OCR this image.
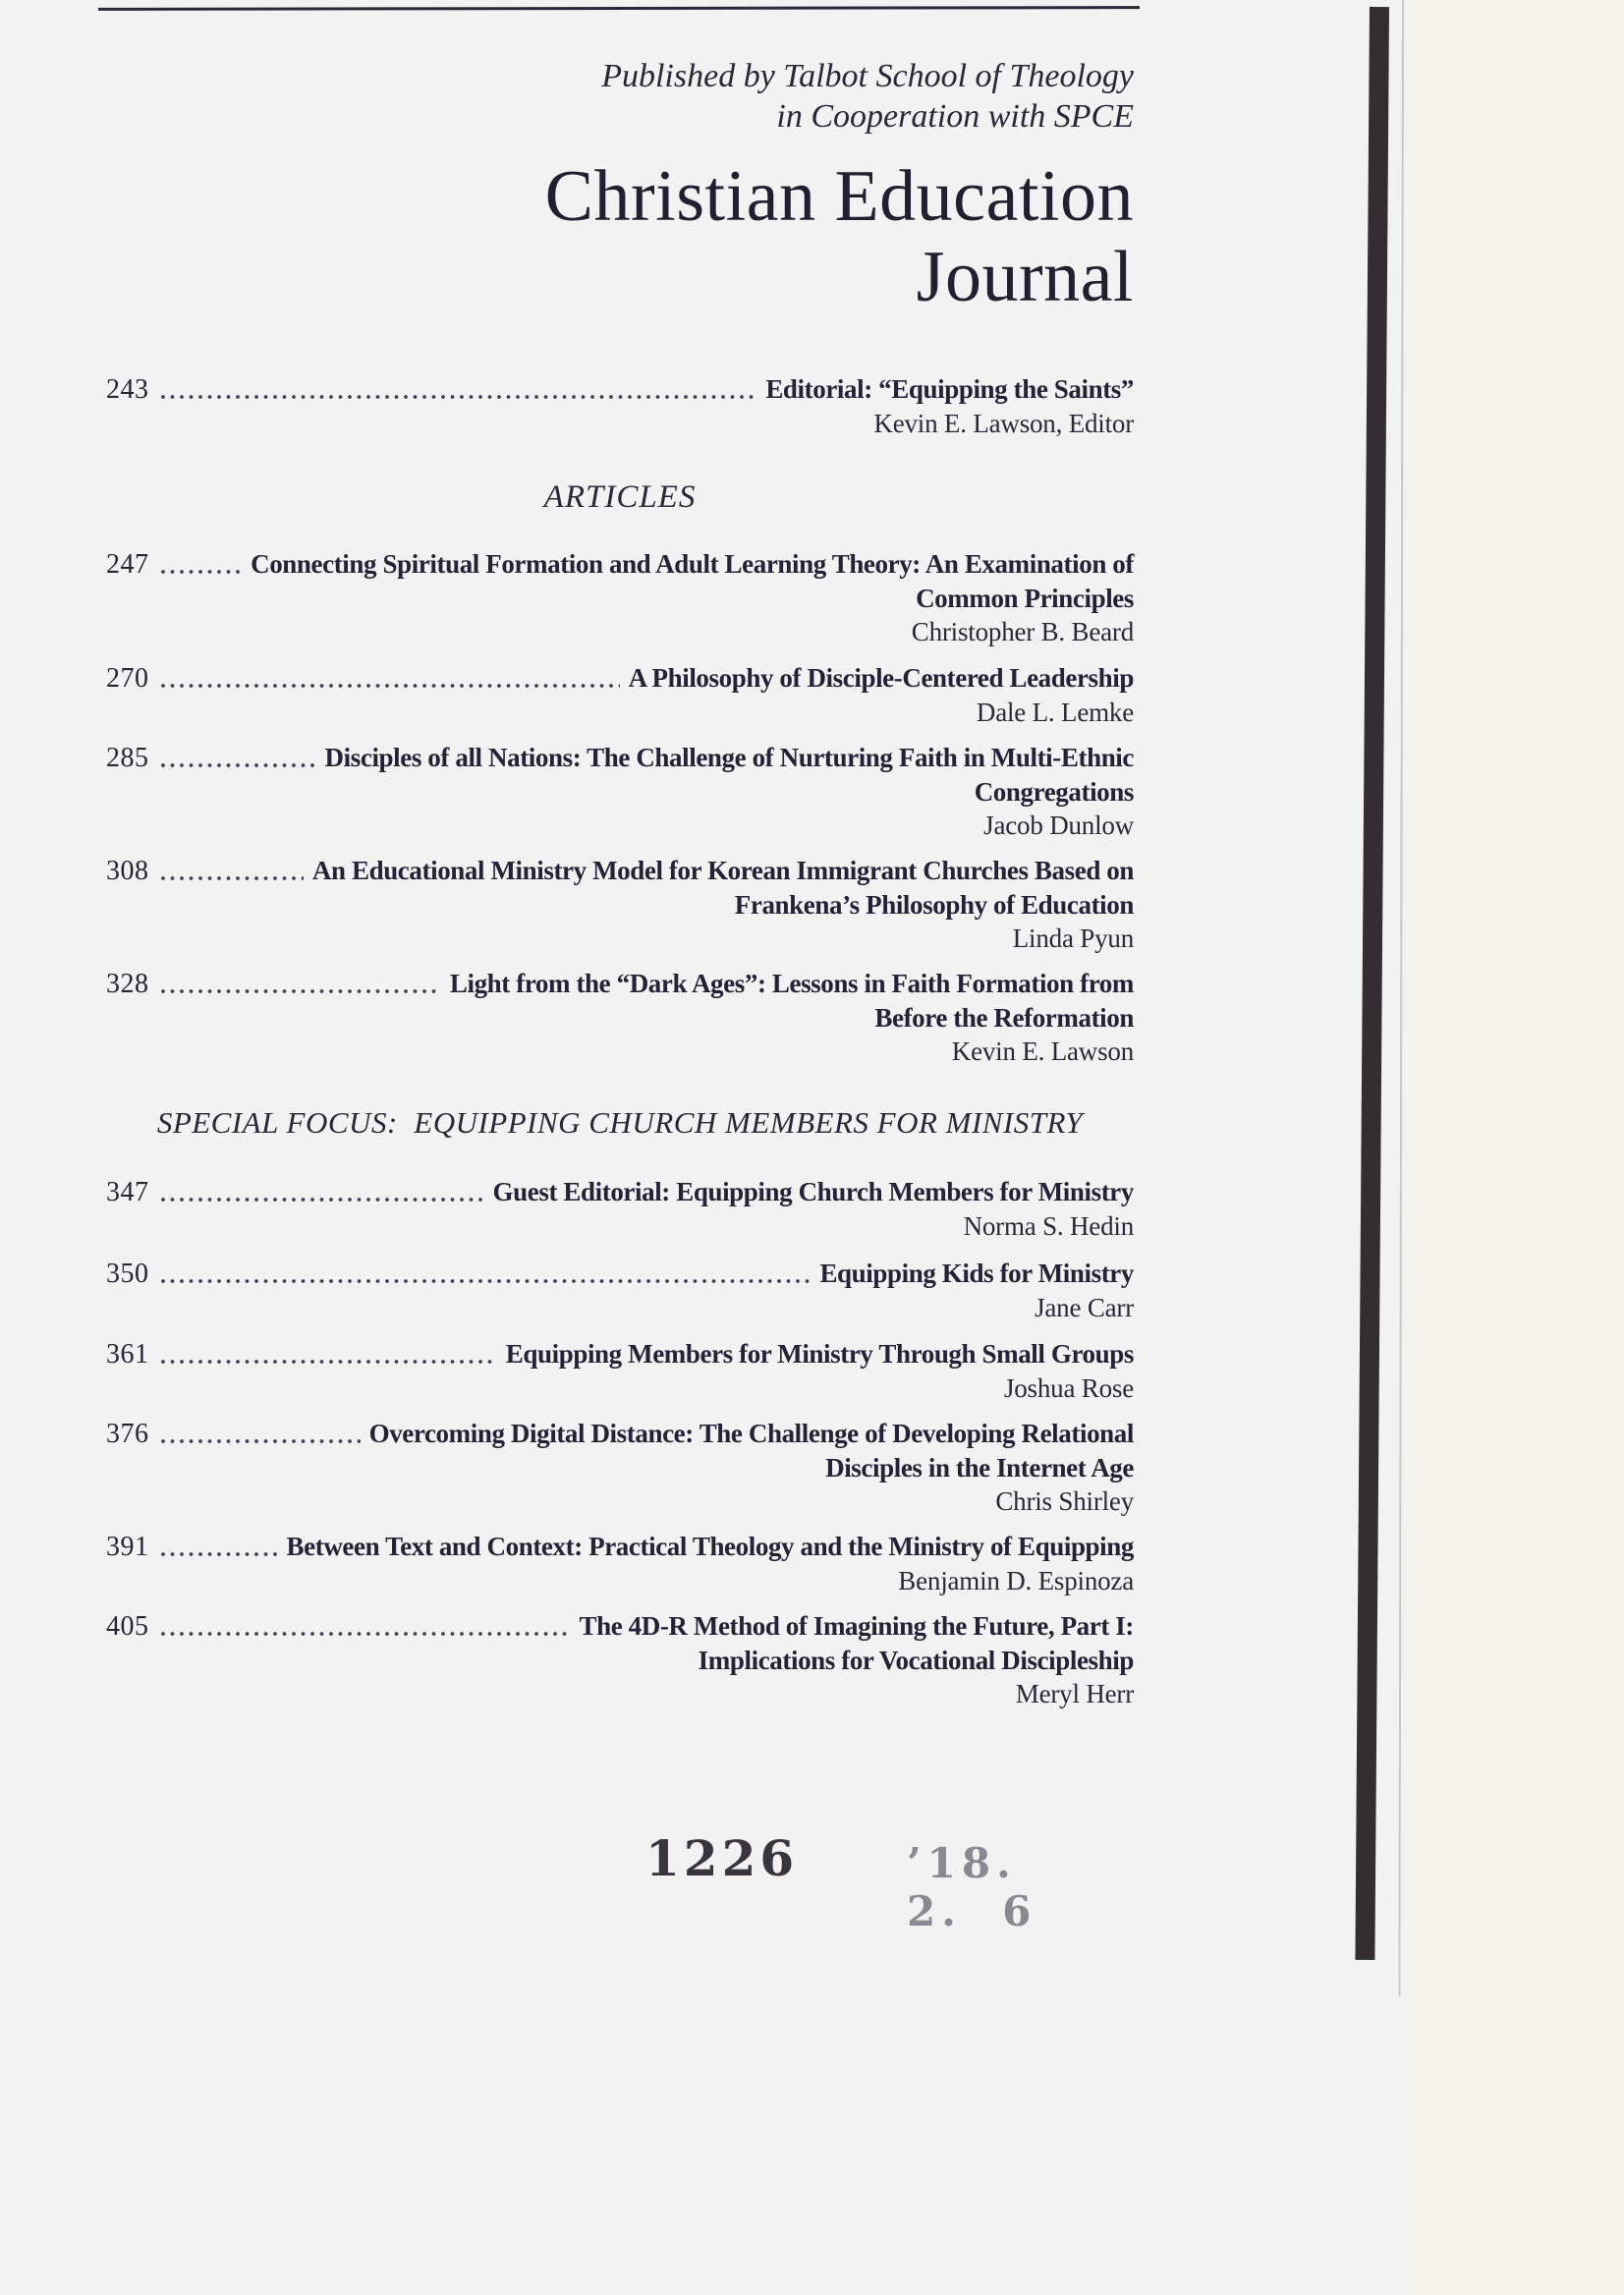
Published by Talbot School of Theology
in Cooperation with SPCE
Christian Education
Journal
243	Editorial: “Equipping the Saints”
Kevin E. Lawson, Editor
ARTICLES
247	Connecting Spiritual Formation and Adult Learning Theory: An Examination of
Common Principles
Christopher B. Beard
270	A Philosophy of Disciple-Centered Leadership
Dale L. Lemke
285	Disciples of all Nations: The Challenge of Nurturing Faith in Multi-Ethnic
Congregations
Jacob Dunlow
308	An Educational Ministry Model for Korean Immigrant Churches Based on
Frankena’s Philosophy of Education
Linda Pyun
328	Light from the “Dark Ages”: Lessons in Faith Formation from
Before the Reformation
Kevin E. Lawson
SPECIAL FOCUS:  EQUIPPING CHURCH MEMBERS FOR MINISTRY
347	Guest Editorial: Equipping Church Members for Ministry
Norma S. Hedin
350	Equipping Kids for Ministry
Jane Carr
361	Equipping Members for Ministry Through Small Groups
Joshua Rose
376	Overcoming Digital Distance: The Challenge of Developing Relational
Disciples in the Internet Age
Chris Shirley
391	Between Text and Context: Practical Theology and the Ministry of Equipping
Benjamin D. Espinoza
405	The 4D-R Method of Imagining the Future, Part I:
Implications for Vocational Discipleship
Meryl Herr
1226	’18. 2.  6
